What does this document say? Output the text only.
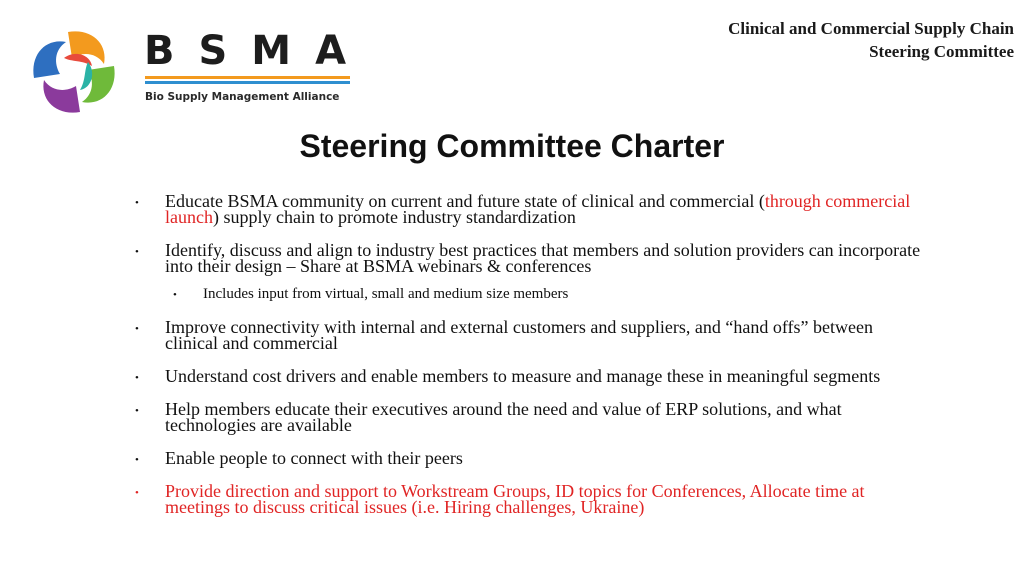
BSMA
Bio Supply Management Alliance
Clinical and Commercial Supply Chain
Steering Committee
Steering Committee Charter
• Educate BSMA community on current and future state of clinical and commercial (through commercial launch) supply chain to promote industry standardization
• Identify, discuss and align to industry best practices that members and solution providers can incorporate into their design – Share at BSMA webinars & conferences
• Includes input from virtual, small and medium size members
• Improve connectivity with internal and external customers and suppliers, and “hand offs” between clinical and commercial
• Understand cost drivers and enable members to measure and manage these in meaningful segments
• Help members educate their executives around the need and value of ERP solutions, and what technologies are available
• Enable people to connect with their peers
• Provide direction and support to Workstream Groups, ID topics for Conferences, Allocate time at meetings to discuss critical issues (i.e. Hiring challenges, Ukraine)
